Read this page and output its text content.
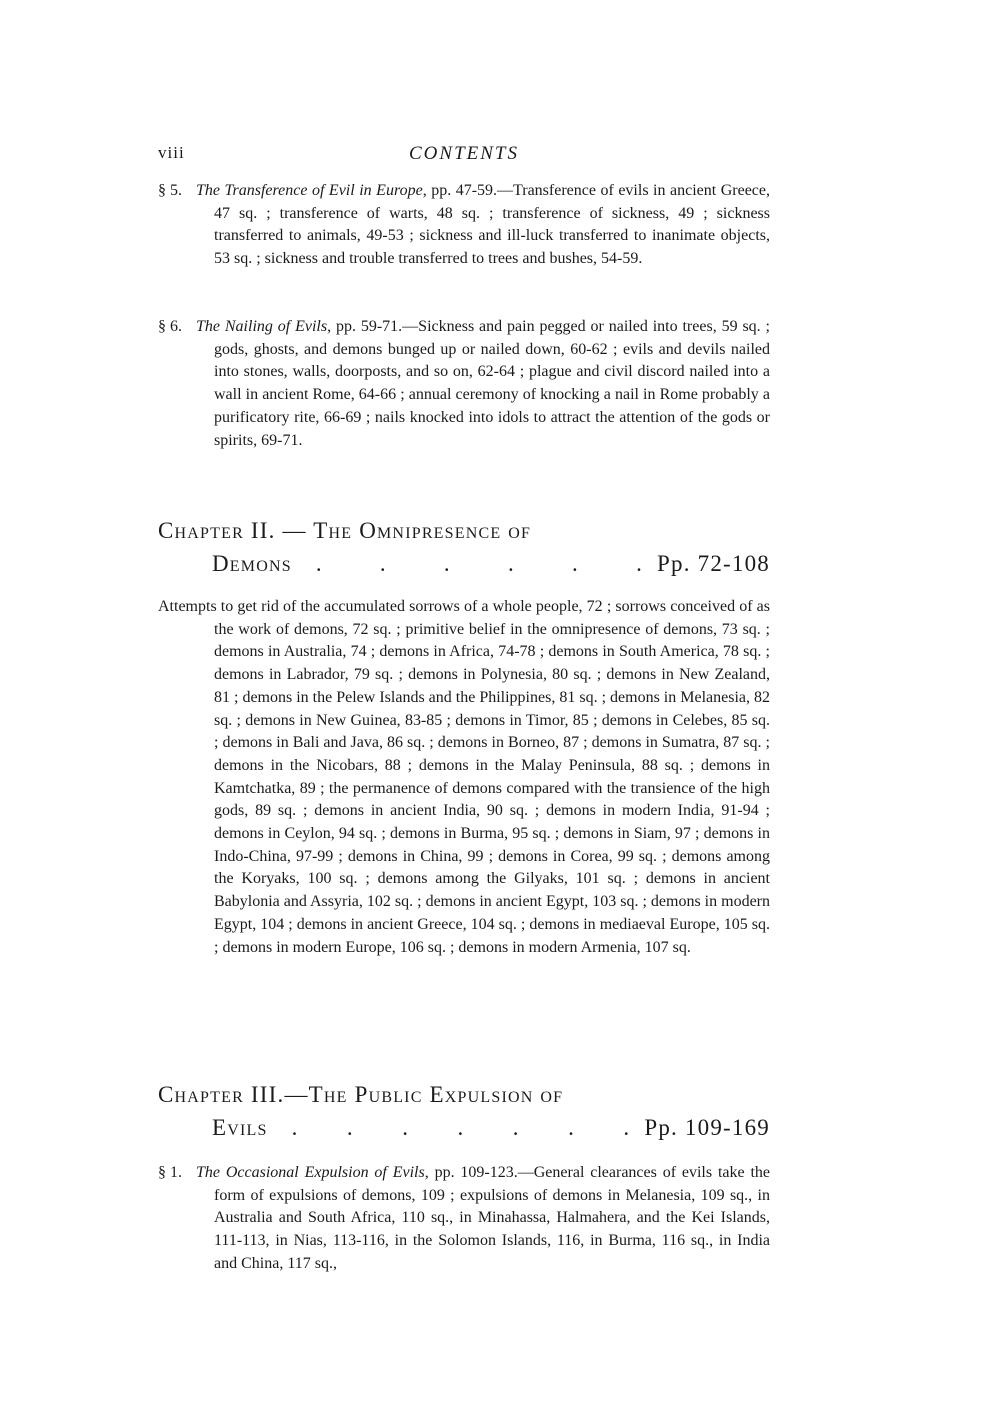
viii	CONTENTS

§ 5. The Transference of Evil in Europe, pp. 47-59.—Transference of evils in ancient Greece, 47 sq. ; transference of warts, 48 sq. ; transference of sickness, 49 ; sickness transferred to animals, 49-53 ; sickness and ill-luck transferred to inanimate objects, 53 sq. ; sickness and trouble transferred to trees and bushes, 54-59.

§ 6. The Nailing of Evils, pp. 59-71.—Sickness and pain pegged or nailed into trees, 59 sq. ; gods, ghosts, and demons bunged up or nailed down, 60-62 ; evils and devils nailed into stones, walls, doorposts, and so on, 62-64 ; plague and civil discord nailed into a wall in ancient Rome, 64-66 ; annual ceremony of knocking a nail in Rome probably a purificatory rite, 66-69 ; nails knocked into idols to attract the attention of the gods or spirits, 69-71.

Chapter II. — The Omnipresence of
Demons . . . . . . Pp. 72-108

Attempts to get rid of the accumulated sorrows of a whole people, 72 ; sorrows conceived of as the work of demons, 72 sq. ; primitive belief in the omnipresence of demons, 73 sq. ; demons in Australia, 74 ; demons in Africa, 74-78 ; demons in South America, 78 sq. ; demons in Labrador, 79 sq. ; demons in Polynesia, 80 sq. ; demons in New Zealand, 81 ; demons in the Pelew Islands and the Philippines, 81 sq. ; demons in Melanesia, 82 sq. ; demons in New Guinea, 83-85 ; demons in Timor, 85 ; demons in Celebes, 85 sq. ; demons in Bali and Java, 86 sq. ; demons in Borneo, 87 ; demons in Sumatra, 87 sq. ; demons in the Nicobars, 88 ; demons in the Malay Peninsula, 88 sq. ; demons in Kamtchatka, 89 ; the permanence of demons compared with the transience of the high gods, 89 sq. ; demons in ancient India, 90 sq. ; demons in modern India, 91-94 ; demons in Ceylon, 94 sq. ; demons in Burma, 95 sq. ; demons in Siam, 97 ; demons in Indo-China, 97-99 ; demons in China, 99 ; demons in Corea, 99 sq. ; demons among the Koryaks, 100 sq. ; demons among the Gilyaks, 101 sq. ; demons in ancient Babylonia and Assyria, 102 sq. ; demons in ancient Egypt, 103 sq. ; demons in modern Egypt, 104 ; demons in ancient Greece, 104 sq. ; demons in mediaeval Europe, 105 sq. ; demons in modern Europe, 106 sq. ; demons in modern Armenia, 107 sq.

Chapter III.—The Public Expulsion of
Evils . . . . . . . Pp. 109-169

§ 1. The Occasional Expulsion of Evils, pp. 109-123.—General clearances of evils take the form of expulsions of demons, 109 ; expulsions of demons in Melanesia, 109 sq., in Australia and South Africa, 110 sq., in Minahassa, Halmahera, and the Kei Islands, 111-113, in Nias, 113-116, in the Solomon Islands, 116, in Burma, 116 sq., in India and China, 117 sq.,
